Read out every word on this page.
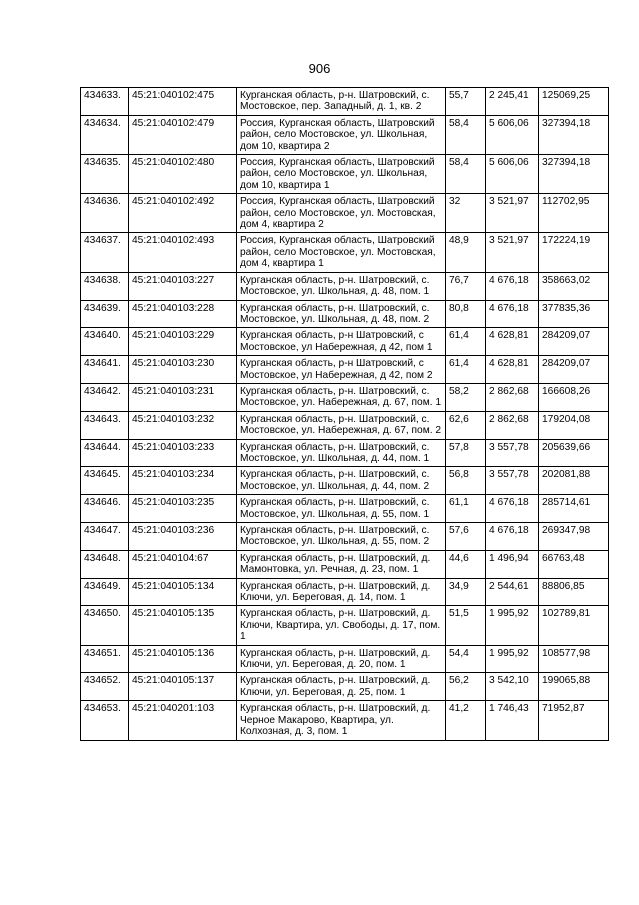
906
434633.	45:21:040102:475	Курганская область, р-н. Шатровский, с. Мостовское, пер. Западный, д. 1, кв. 2	55,7	2 245,41	125069,25
434634.	45:21:040102:479	Россия, Курганская область, Шатровский район, село Мостовское, ул. Школьная, дом 10, квартира 2	58,4	5 606,06	327394,18
434635.	45:21:040102:480	Россия, Курганская область, Шатровский район, село Мостовское, ул. Школьная, дом 10, квартира 1	58,4	5 606,06	327394,18
434636.	45:21:040102:492	Россия, Курганская область, Шатровский район, село Мостовское, ул. Мостовская, дом 4, квартира 2	32	3 521,97	112702,95
434637.	45:21:040102:493	Россия, Курганская область, Шатровский район, село Мостовское, ул. Мостовская, дом 4, квартира 1	48,9	3 521,97	172224,19
434638.	45:21:040103:227	Курганская область, р-н. Шатровский, с. Мостовское, ул. Школьная, д. 48, пом. 1	76,7	4 676,18	358663,02
434639.	45:21:040103:228	Курганская область, р-н. Шатровский, с. Мостовское, ул. Школьная, д. 48, пом. 2	80,8	4 676,18	377835,36
434640.	45:21:040103:229	Курганская область, р-н Шатровский, с Мостовское, ул Набережная, д 42, пом 1	61,4	4 628,81	284209,07
434641.	45:21:040103:230	Курганская область, р-н Шатровский, с Мостовское, ул Набережная, д 42, пом 2	61,4	4 628,81	284209,07
434642.	45:21:040103:231	Курганская область, р-н. Шатровский, с. Мостовское, ул. Набережная, д. 67, пом. 1	58,2	2 862,68	166608,26
434643.	45:21:040103:232	Курганская область, р-н. Шатровский, с. Мостовское, ул. Набережная, д. 67, пом. 2	62,6	2 862,68	179204,08
434644.	45:21:040103:233	Курганская область, р-н. Шатровский, с. Мостовское, ул. Школьная, д. 44, пом. 1	57,8	3 557,78	205639,66
434645.	45:21:040103:234	Курганская область, р-н. Шатровский, с. Мостовское, ул. Школьная, д. 44, пом. 2	56,8	3 557,78	202081,88
434646.	45:21:040103:235	Курганская область, р-н. Шатровский, с. Мостовское, ул. Школьная, д. 55, пом. 1	61,1	4 676,18	285714,61
434647.	45:21:040103:236	Курганская область, р-н. Шатровский, с. Мостовское, ул. Школьная, д. 55, пом. 2	57,6	4 676,18	269347,98
434648.	45:21:040104:67	Курганская область, р-н. Шатровский, д. Мамонтовка, ул. Речная, д. 23, пом. 1	44,6	1 496,94	66763,48
434649.	45:21:040105:134	Курганская область, р-н. Шатровский, д. Ключи, ул. Береговая, д. 14, пом. 1	34,9	2 544,61	88806,85
434650.	45:21:040105:135	Курганская область, р-н. Шатровский, д. Ключи, Квартира, ул. Свободы, д. 17, пом. 1	51,5	1 995,92	102789,81
434651.	45:21:040105:136	Курганская область, р-н. Шатровский, д. Ключи, ул. Береговая, д. 20, пом. 1	54,4	1 995,92	108577,98
434652.	45:21:040105:137	Курганская область, р-н. Шатровский, д. Ключи, ул. Береговая, д. 25, пом. 1	56,2	3 542,10	199065,88
434653.	45:21:040201:103	Курганская область, р-н. Шатровский, д. Черное Макарово, Квартира, ул. Колхозная, д. 3, пом. 1	41,2	1 746,43	71952,87
